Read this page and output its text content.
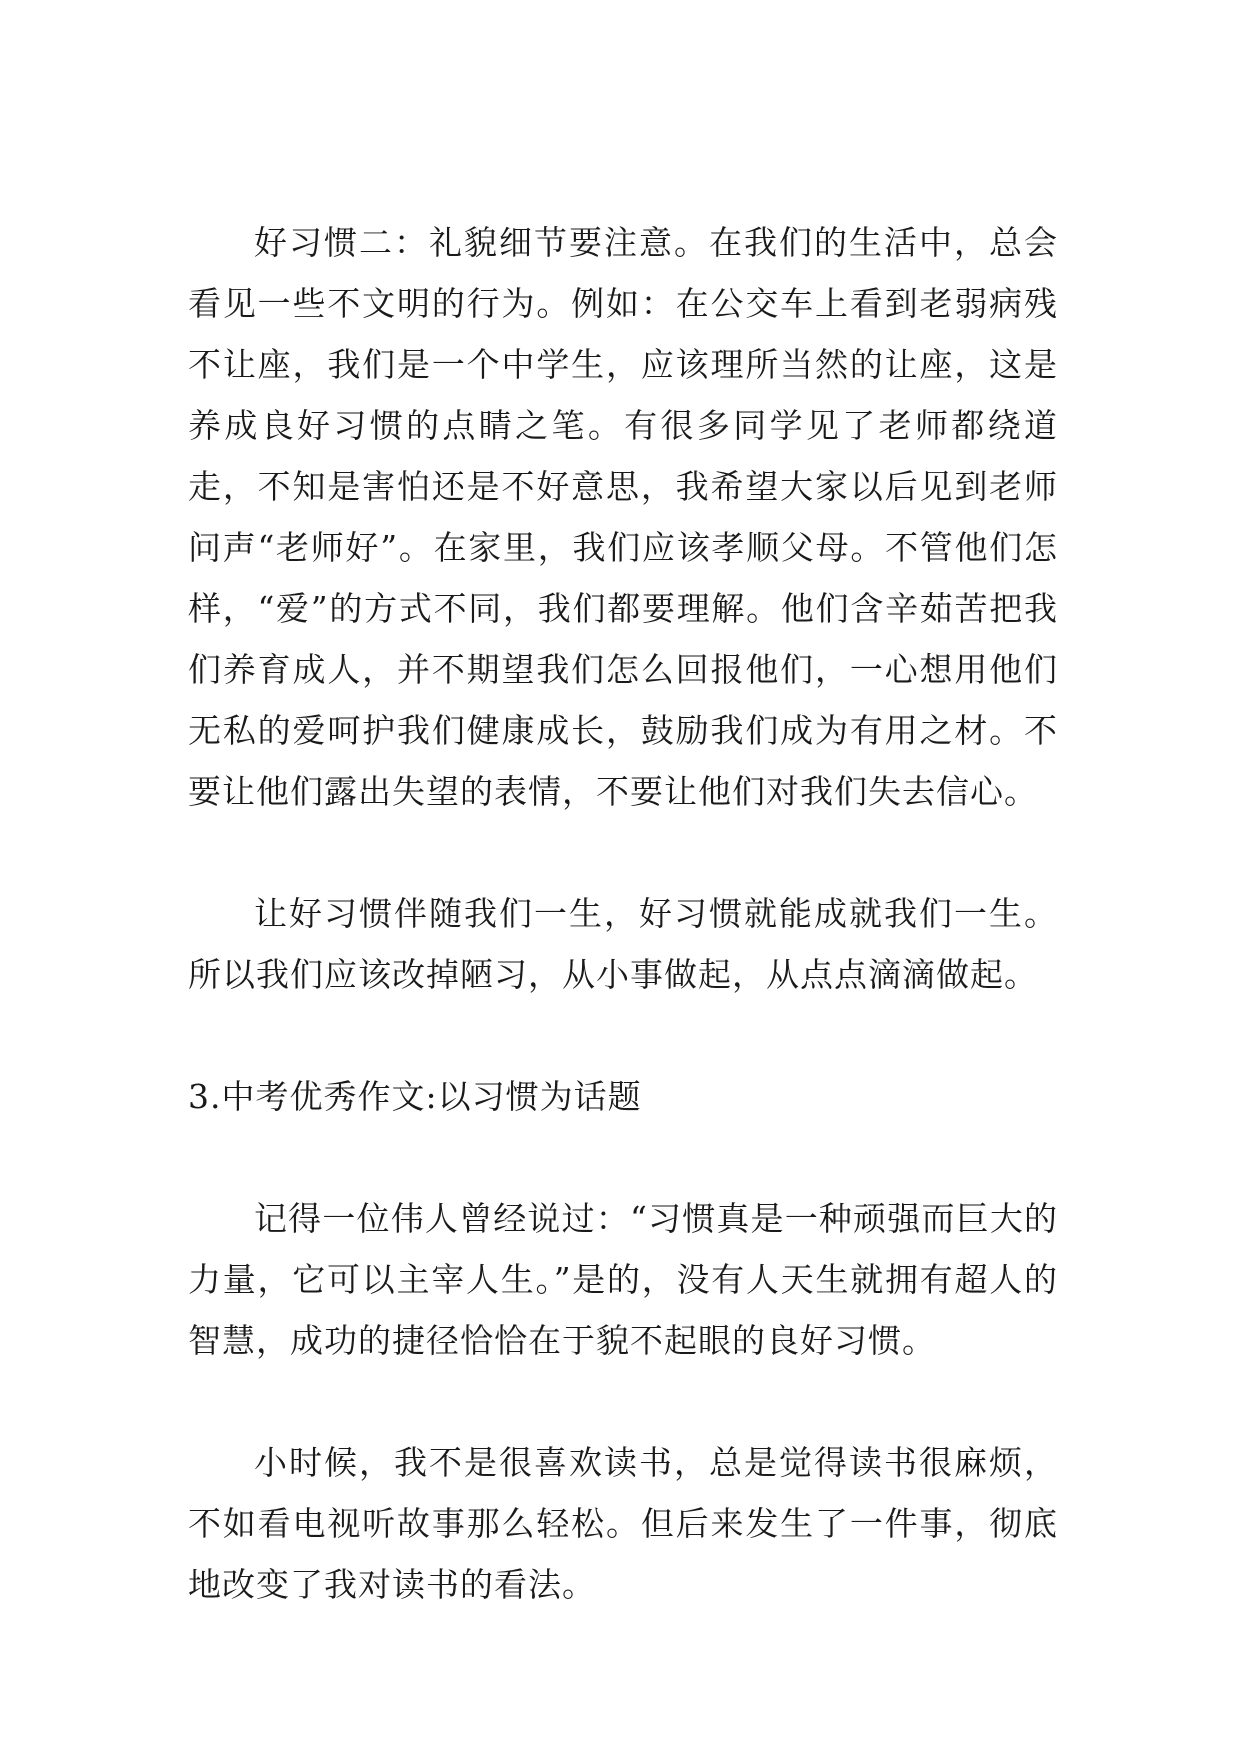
好习惯二：礼貌细节要注意。在我们的生活中，总会看见一些不文明的行为。例如：在公交车上看到老弱病残不让座，我们是一个中学生，应该理所当然的让座，这是养成良好习惯的点睛之笔。有很多同学见了老师都绕道走，不知是害怕还是不好意思，我希望大家以后见到老师问声“老师好”。在家里，我们应该孝顺父母。不管他们怎样，“爱”的方式不同，我们都要理解。他们含辛茹苦把我们养育成人，并不期望我们怎么回报他们，一心想用他们无私的爱呵护我们健康成长，鼓励我们成为有用之材。不要让他们露出失望的表情，不要让他们对我们失去信心。

让好习惯伴随我们一生，好习惯就能成就我们一生。所以我们应该改掉陋习，从小事做起，从点点滴滴做起。

3.中考优秀作文:以习惯为话题

记得一位伟人曾经说过：“习惯真是一种顽强而巨大的力量，它可以主宰人生。”是的，没有人天生就拥有超人的智慧，成功的捷径恰恰在于貌不起眼的良好习惯。

小时候，我不是很喜欢读书，总是觉得读书很麻烦，不如看电视听故事那么轻松。但后来发生了一件事，彻底地改变了我对读书的看法。
